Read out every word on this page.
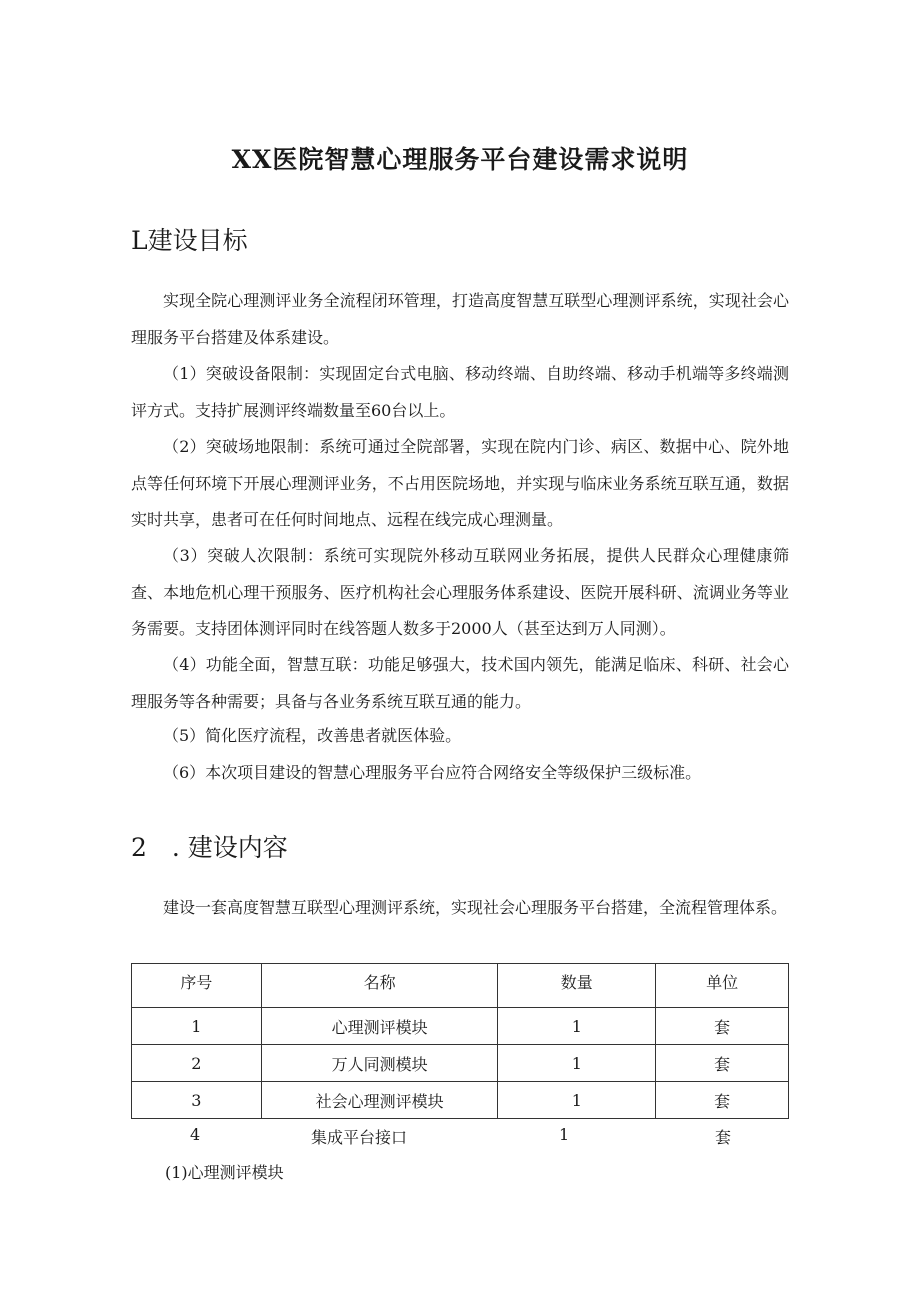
XX医院智慧心理服务平台建设需求说明
L建设目标

实现全院心理测评业务全流程闭环管理，打造高度智慧互联型心理测评系统，实现社会心理服务平台搭建及体系建设。

（1）突破设备限制：实现固定台式电脑、移动终端、自助终端、移动手机端等多终端测评方式。支持扩展测评终端数量至60台以上。

（2）突破场地限制：系统可通过全院部署，实现在院内门诊、病区、数据中心、院外地点等任何环境下开展心理测评业务，不占用医院场地，并实现与临床业务系统互联互通，数据实时共享，患者可在任何时间地点、远程在线完成心理测量。

（3）突破人次限制：系统可实现院外移动互联网业务拓展，提供人民群众心理健康筛查、本地危机心理干预服务、医疗机构社会心理服务体系建设、医院开展科研、流调业务等业务需要。支持团体测评同时在线答题人数多于2000人（甚至达到万人同测）。

（4）功能全面，智慧互联：功能足够强大，技术国内领先，能满足临床、科研、社会心理服务等各种需要；具备与各业务系统互联互通的能力。

（5）简化医疗流程，改善患者就医体验。

（6）本次项目建设的智慧心理服务平台应符合网络安全等级保护三级标准。

2　. 建设内容

建设一套高度智慧互联型心理测评系统，实现社会心理服务平台搭建，全流程管理体系。

序号	名称	数量	单位
1	心理测评模块	1	套
2	万人同测模块	1	套
3	社会心理测评模块	1	套
4	集成平台接口	1	套
(1)心理测评模块
